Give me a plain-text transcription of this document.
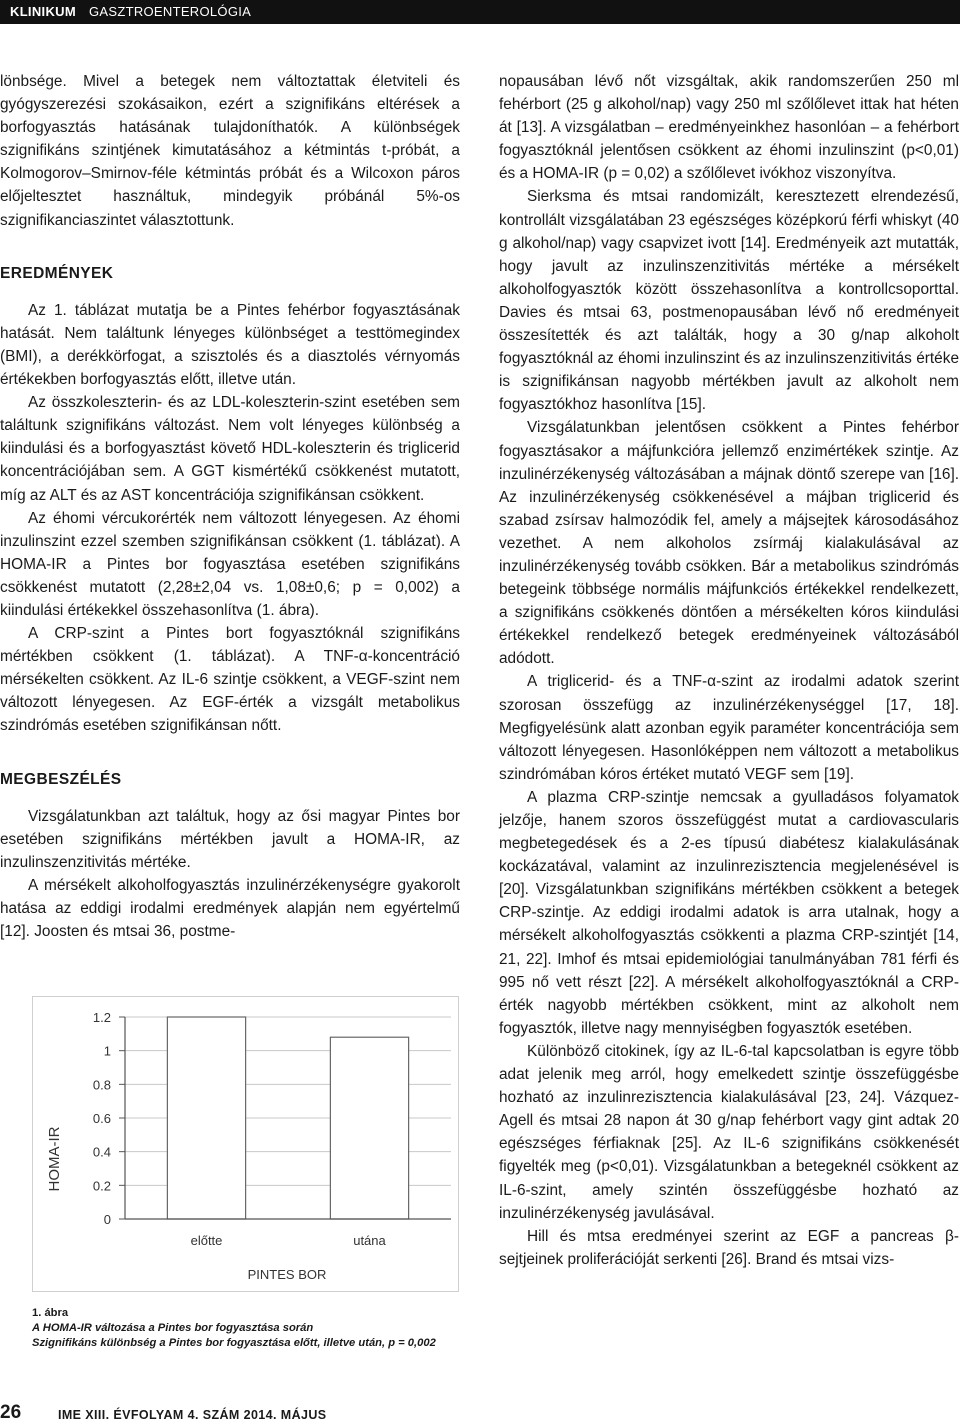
KLINIKUM GASZTROENTEROLÓGIA

lönbsége. Mivel a betegek nem változtattak életviteli és gyógyszerezési szokásaikon, ezért a szignifikáns eltérések a borfogyasztás hatásának tulajdoníthatók. A különbségek szignifikáns szintjének kimutatásához a kétmintás t-próbát, a Kolmogorov–Smirnov-féle kétmintás próbát és a Wilcoxon páros előjeltesztet használtuk, mindegyik próbánál 5%-os szignifikanciaszintet választottunk.

EREDMÉNYEK

Az 1. táblázat mutatja be a Pintes fehérbor fogyasztásának hatását. Nem találtunk lényeges különbséget a testtömegindex (BMI), a derékkörfogat, a szisztolés és a diasztolés vérnyomás értékekben borfogyasztás előtt, illetve után.

Az összkoleszterin- és az LDL-koleszterin-szint esetében sem találtunk szignifikáns változást. Nem volt lényeges különbség a kiindulási és a borfogyasztást követő HDL-koleszterin és triglicerid koncentrációjában sem. A GGT kismértékű csökkenést mutatott, míg az ALT és az AST koncentrációja szignifikánsan csökkent.

Az éhomi vércukorérték nem változott lényegesen. Az éhomi inzulinszint ezzel szemben szignifikánsan csökkent (1. táblázat). A HOMA-IR a Pintes bor fogyasztása esetében szignifikáns csökkenést mutatott (2,28±2,04 vs. 1,08±0,6; p = 0,002) a kiindulási értékekkel összehasonlítva (1. ábra).

A CRP-szint a Pintes bort fogyasztóknál szignifikáns mértékben csökkent (1. táblázat). A TNF-α-koncentráció mérsékelten csökkent. Az IL-6 szintje csökkent, a VEGF-szint nem változott lényegesen. Az EGF-érték a vizsgált metabolikus szindrómás esetében szignifikánsan nőtt.

MEGBESZÉLÉS

Vizsgálatunkban azt találtuk, hogy az ősi magyar Pintes bor esetében szignifikáns mértékben javult a HOMA-IR, az inzulinszenzitivitás mértéke.

A mérsékelt alkoholfogyasztás inzulinérzékenységre gyakorolt hatása az eddigi irodalmi eredmények alapján nem egyértelmű [12]. Joosten és mtsai 36, postme-

0
0.2
0.4
0.6
0.8
1
1.2
előtte	utána
HOMA-IR
PINTES BOR
1. ábra
A HOMA-IR változása a Pintes bor fogyasztása során
Szignifikáns különbség a Pintes bor fogyasztása előtt, illetve után, p = 0,002

nopausában lévő nőt vizsgáltak, akik randomszerűen 250 ml fehérbort (25 g alkohol/nap) vagy 250 ml szőlőlevet ittak hat héten át [13]. A vizsgálatban – eredményeinkhez hasonlóan – a fehérbort fogyasztóknál jelentősen csökkent az éhomi inzulinszint (p<0,01) és a HOMA-IR (p = 0,02) a szőlőlevet ivókhoz viszonyítva.

Sierksma és mtsai randomizált, keresztezett elrendezésű, kontrollált vizsgálatában 23 egészséges középkorú férfi whiskyt (40 g alkohol/nap) vagy csapvizet ivott [14]. Eredményeik azt mutatták, hogy javult az inzulinszenzitivitás mértéke a mérsékelt alkoholfogyasztók között összehasonlítva a kontrollcsoporttal. Davies és mtsai 63, postmenopausában lévő nő eredményeit összesítették és azt találták, hogy a 30 g/nap alkoholt fogyasztóknál az éhomi inzulinszint és az inzulinszenzitivitás értéke is szignifikánsan nagyobb mértékben javult az alkoholt nem fogyasztókhoz hasonlítva [15].

Vizsgálatunkban jelentősen csökkent a Pintes fehérbor fogyasztásakor a májfunkcióra jellemző enzimértékek szintje. Az inzulinérzékenység változásában a májnak döntő szerepe van [16]. Az inzulinérzékenység csökkenésével a májban triglicerid és szabad zsírsav halmozódik fel, amely a májsejtek károsodásához vezethet. A nem alkoholos zsírmáj kialakulásával az inzulinérzékenység tovább csökken. Bár a metabolikus szindrómás betegeink többsége normális májfunkciós értékekkel rendelkezett, a szignifikáns csökkenés döntően a mérsékelten kóros kiindulási értékekkel rendelkező betegek eredményeinek változásából adódott.

A triglicerid- és a TNF-α-szint az irodalmi adatok szerint szorosan összefügg az inzulinérzékenységgel [17, 18]. Megfigyelésünk alatt azonban egyik paraméter koncentrációja sem változott lényegesen. Hasonlóképpen nem változott a metabolikus szindrómában kóros értéket mutató VEGF sem [19].

A plazma CRP-szintje nemcsak a gyulladásos folyamatok jelzője, hanem szoros összefüggést mutat a cardiovascularis megbetegedések és a 2-es típusú diabétesz kialakulásának kockázatával, valamint az inzulinrezisztencia megjelenésével is [20]. Vizsgálatunkban szignifikáns mértékben csökkent a betegek CRP-szintje. Az eddigi irodalmi adatok is arra utalnak, hogy a mérsékelt alkoholfogyasztás csökkenti a plazma CRP-szintjét [14, 21, 22]. Imhof és mtsai epidemiológiai tanulmányában 781 férfi és 995 nő vett részt [22]. A mérsékelt alkoholfogyasztóknál a CRP-érték nagyobb mértékben csökkent, mint az alkoholt nem fogyasztók, illetve nagy mennyiségben fogyasztók esetében.

Különböző citokinek, így az IL-6-tal kapcsolatban is egyre több adat jelenik meg arról, hogy emelkedett szintje összefüggésbe hozható az inzulinrezisztencia kialakulásával [23, 24]. Vázquez-Agell és mtsai 28 napon át 30 g/nap fehérbort vagy gint adtak 20 egészséges férfiaknak [25]. Az IL-6 szignifikáns csökkenését figyelték meg (p<0,01). Vizsgálatunkban a betegeknél csökkent az IL-6-szint, amely szintén összefüggésbe hozható az inzulinérzékenység javulásával.

Hill és mtsa eredményei szerint az EGF a pancreas β-sejtjeinek proliferációját serkenti [26]. Brand és mtsai vizs-

26	IME XIII. ÉVFOLYAM 4. SZÁM 2014. MÁJUS
